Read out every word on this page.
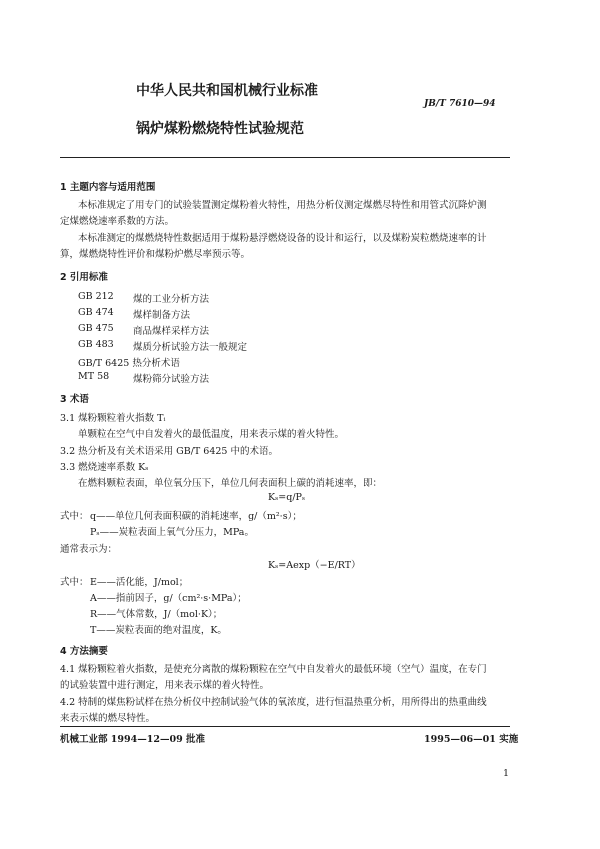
中华人民共和国机械行业标准
JB/T 7610—94
锅炉煤粉燃烧特性试验规范
1 主题内容与适用范围
本标准规定了用专门的试验装置测定煤粉着火特性，用热分析仪测定煤燃尽特性和用管式沉降炉测
定煤燃烧速率系数的方法。
本标准测定的煤燃烧特性数据适用于煤粉悬浮燃烧设备的设计和运行，以及煤粉炭粒燃烧速率的计
算，煤燃烧特性评价和煤粉炉燃尽率预示等。
2 引用标准
GB 212 煤的工业分析方法
GB 474 煤样制备方法
GB 475 商品煤样采样方法
GB 483 煤质分析试验方法一般规定
GB/T 6425 热分析术语
MT 58	煤粉筛分试验方法
3 术语
3.1 煤粉颗粒着火指数 Tᵢ
单颗粒在空气中自发着火的最低温度，用来表示煤的着火特性。
3.2 热分析及有关术语采用 GB/T 6425 中的术语。
3.3 燃烧速率系数 Kₛ
在燃料颗粒表面，单位氧分压下，单位几何表面积上碳的消耗速率，即：
Kₛ=q/Pₛ
式中： q——单位几何表面积碳的消耗速率，g/（m²·s）；
Pₛ——炭粒表面上氧气分压力，MPa。
通常表示为：
Kₛ=Aexp（−E/RT）
式中： E——活化能，J/mol；
A——指前因子，g/（cm²·s·MPa）；
R——气体常数，J/（mol·K）；
T——炭粒表面的绝对温度，K。
4 方法摘要
4.1 煤粉颗粒着火指数，是使充分离散的煤粉颗粒在空气中自发着火的最低环境（空气）温度，在专门
的试验装置中进行测定，用来表示煤的着火特性。
4.2 特制的煤焦粉试样在热分析仪中控制试验气体的氧浓度，进行恒温热重分析，用所得出的热重曲线
来表示煤的燃尽特性。
机械工业部 1994—12—09 批准	1995—06—01 实施
1
